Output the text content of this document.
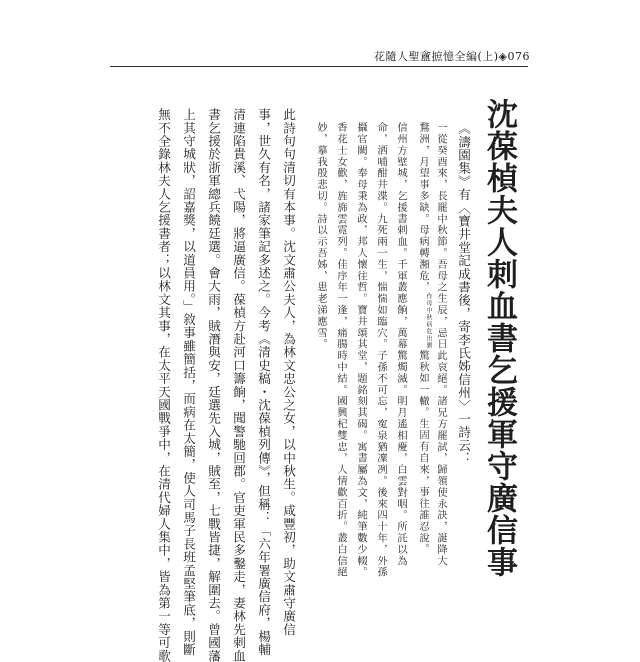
花隨人聖盦摭憶全編(上)◈076
沈葆楨夫人刺血書乞援軍守廣信事
《濤園集》有〈寶井堂記成書後，寄李氏姊信州〉一詩云：
一從癸酉來，長罷中秋節。吾母之生辰，忌日此哀絕。諸兄方罷試，歸領使永訣，誕降大
鶩洲，月望事多缺。母病轉瀕危，作母中秋病危出劉驚秋如一轍。生固有自來，事往誰忍說。
信州方壁城，乞援書剌血。千軍叢應餉，萬幕驚燭滅。明月遙相慶，白雲對咽。所託以為
命，洒哺酣井渫。九死兩一生，惴惴如臨穴。子孫不可忘，寃泉猶凜冽。後來四十年，外孫
攝官闕。奉母秉為政，邦人懷往哲。寶井頌其堂，題銘刻其碣。寓書屬為文，純筆數少輟。
香花士女歡，旌旆雲霓列。佳序年一逢，痛腸時中結。國興杞雙忠，人情歡百折。叢白信絕
妙，摹我殷悲切。詩以示吾姊，患老涕應雪。
此詩句句清切有本事。沈文肅公夫人，為林文忠公之女，以中秋生。咸豐初，助文肅守廣信
事，世久有名，諸家筆記多述之。今考《清史稿・沈葆楨列傳》，但稱：「六年署廣信府，楊輔
清連陷貴溪、弋陽，將逼廣信。葆楨方赴河口籌餉，聞警馳回郡。官吏軍民多鑿走，妻林先刺血
書乞援於浙軍總兵饒廷選。會大雨，賊潛與安，廷選先入城，賊至，七戰皆捷，解圍去。曾國藩
上其守城狀，詔嘉獎，以道員用。」敘事雖簡括，而病在太簡，使人司馬子長班孟堅筆底，則斷
無不全錄林夫人乞援書者；以林文其事，在太平天國戰爭中，在清代婦人集中，皆為第一等可歌
